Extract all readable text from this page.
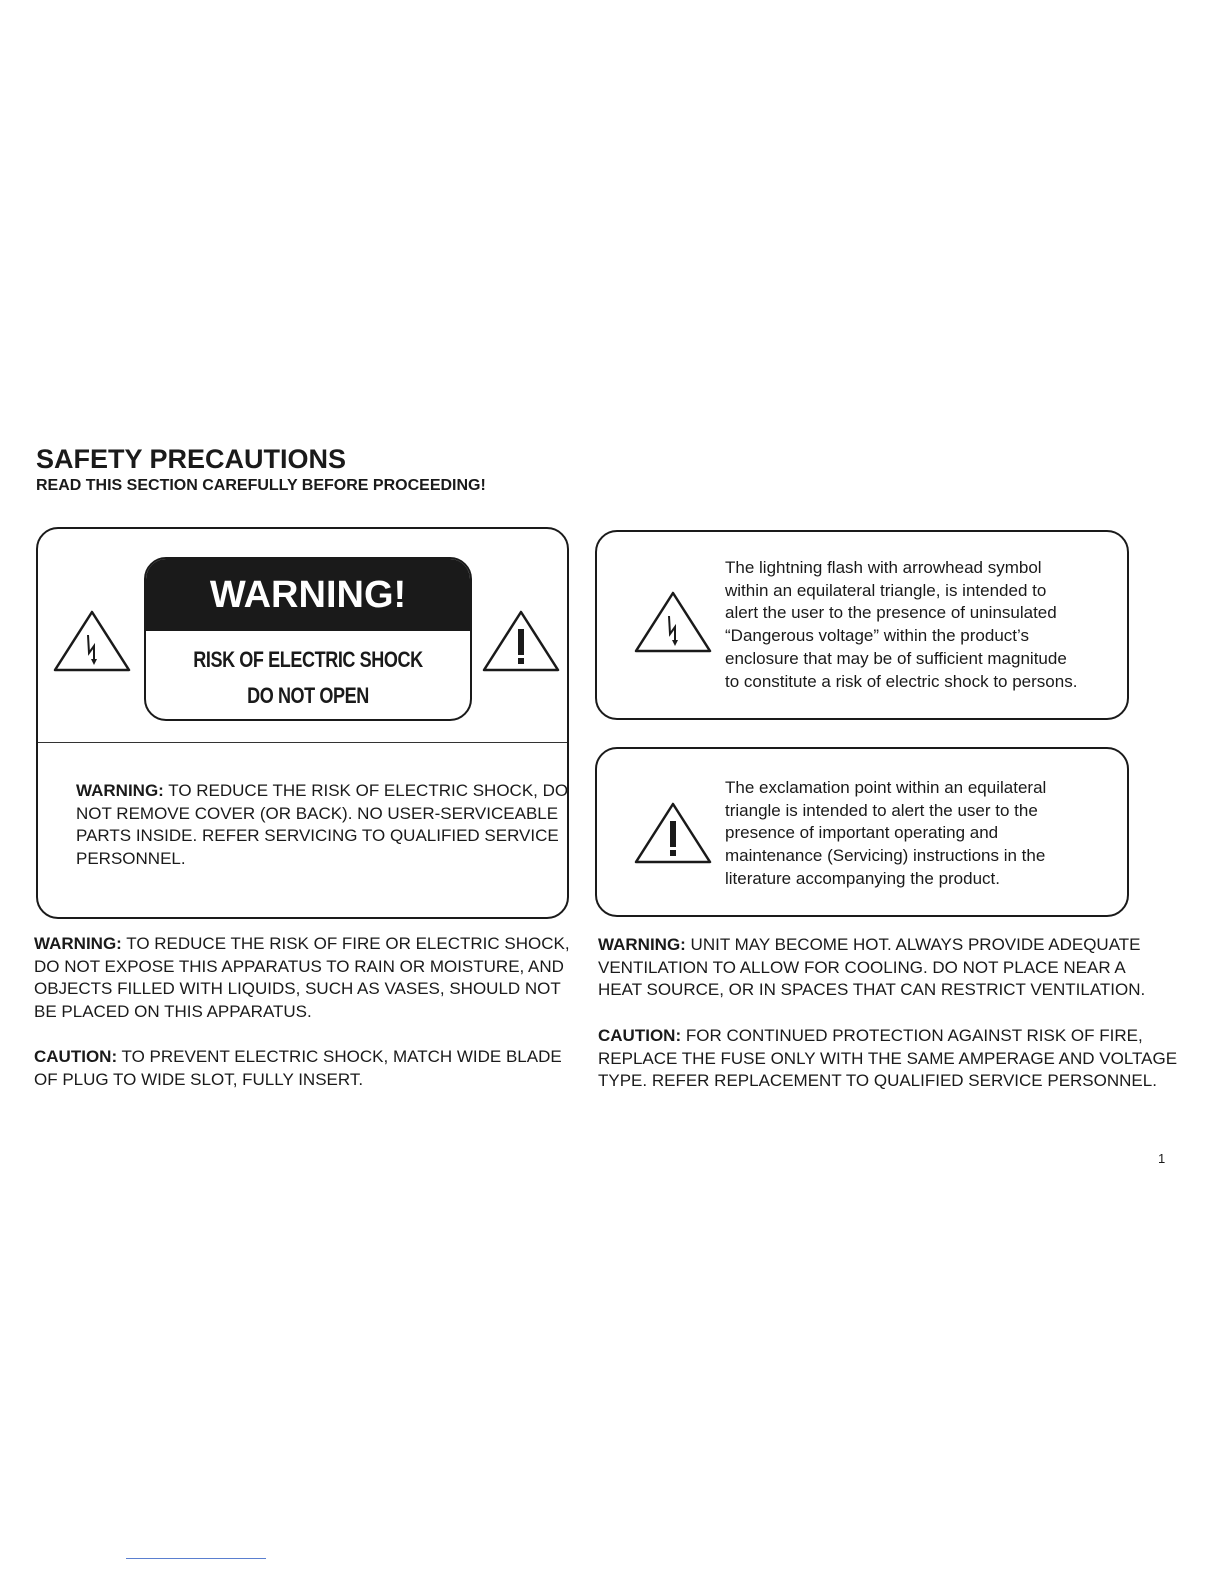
SAFETY PRECAUTIONS
READ THIS SECTION CAREFULLY BEFORE PROCEEDING!
WARNING!
RISK OF ELECTRIC SHOCK
DO NOT OPEN
WARNING: TO REDUCE THE RISK OF ELECTRIC SHOCK, DO
NOT REMOVE COVER (OR BACK). NO USER-SERVICEABLE
PARTS INSIDE. REFER SERVICING TO QUALIFIED SERVICE
PERSONNEL.
The lightning flash with arrowhead symbol
within an equilateral triangle, is intended to
alert the user to the presence of uninsulated
“Dangerous voltage” within the product’s
enclosure that may be of sufficient magnitude
to constitute a risk of electric shock to persons.
The exclamation point within an equilateral
triangle is intended to alert the user to the
presence of important operating and
maintenance (Servicing) instructions in the
literature accompanying the product.
WARNING: TO REDUCE THE RISK OF FIRE OR ELECTRIC SHOCK,
DO NOT EXPOSE THIS APPARATUS TO RAIN OR MOISTURE, AND
OBJECTS FILLED WITH LIQUIDS, SUCH AS VASES, SHOULD NOT
BE PLACED ON THIS APPARATUS.
CAUTION: TO PREVENT ELECTRIC SHOCK, MATCH WIDE BLADE
OF PLUG TO WIDE SLOT, FULLY INSERT.
WARNING: UNIT MAY BECOME HOT. ALWAYS PROVIDE ADEQUATE
VENTILATION TO ALLOW FOR COOLING. DO NOT PLACE NEAR A
HEAT SOURCE, OR IN SPACES THAT CAN RESTRICT VENTILATION.
CAUTION: FOR CONTINUED PROTECTION AGAINST RISK OF FIRE,
REPLACE THE FUSE ONLY WITH THE SAME AMPERAGE AND VOLTAGE
TYPE. REFER REPLACEMENT TO QUALIFIED SERVICE PERSONNEL.
1
